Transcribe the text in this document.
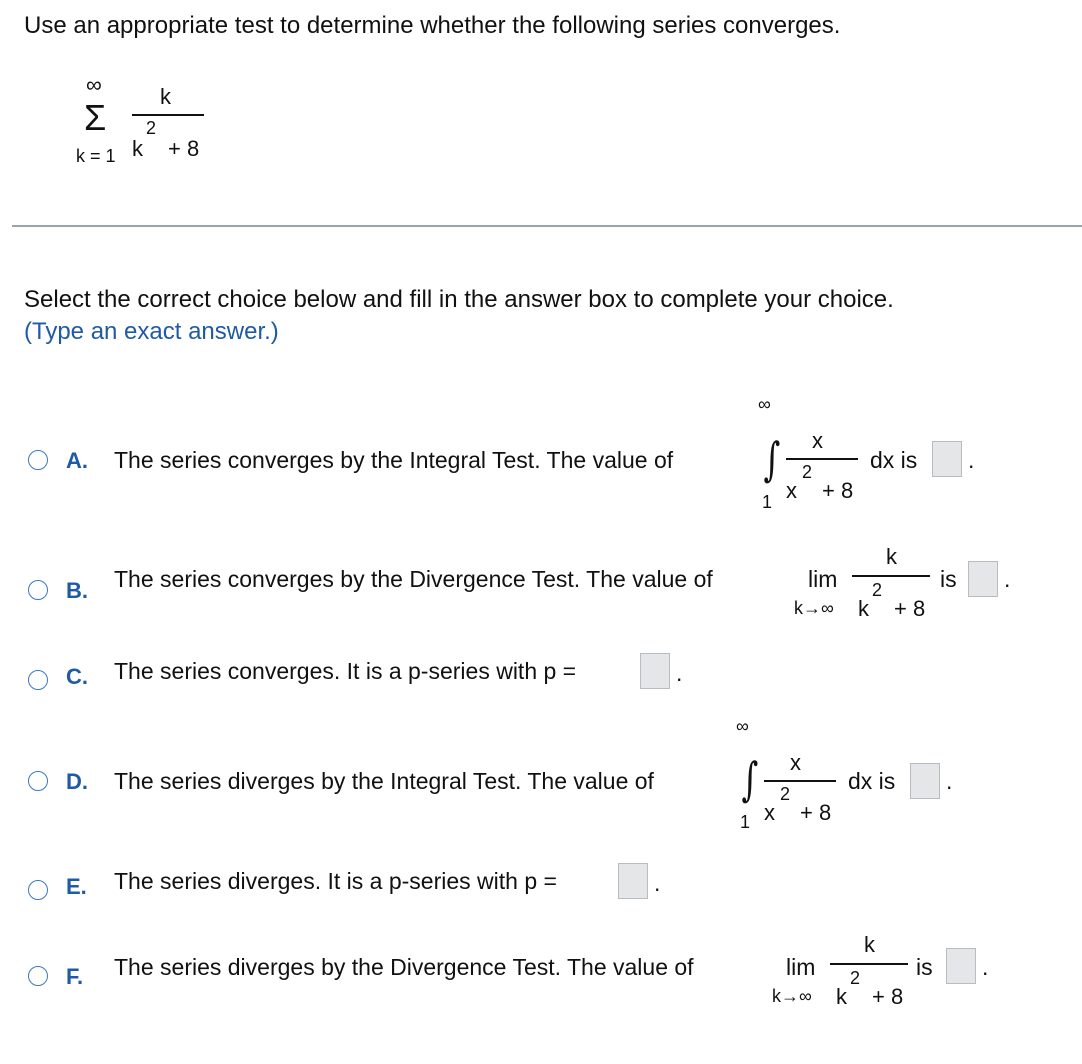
Use an appropriate test to determine whether the following series converges.
∞
Σ
k = 1
k
k
2
+ 8
Select the correct choice below and fill in the answer box to complete your choice.
(Type an exact answer.)
A. The series converges by the Integral Test. The value of
∞
∫
1
x
x
2
+ 8
dx is .
B. The series converges by the Divergence Test. The value of	lim
k→∞
k
k
2
+ 8
is .
C. The series converges. It is a p-series with p =	.
D. The series diverges by the Integral Test. The value of
∞
∫
1
x
x
2
+ 8
dx is .
E. The series diverges. It is a p-series with p =	.
F. The series diverges by the Divergence Test. The value of	lim
k→∞
k
k
2
+ 8
is .
